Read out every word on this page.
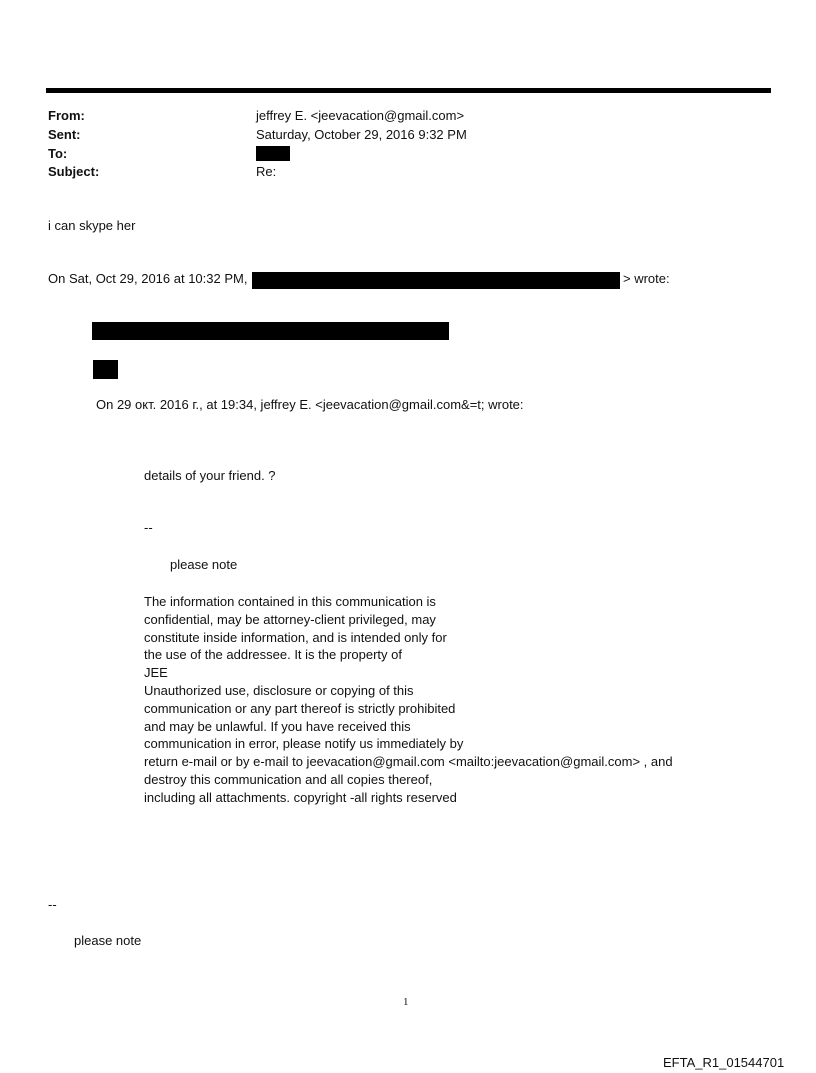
From:	jeffrey E. <jeevacation@gmail.com>
Sent:	Saturday, October 29, 2016 9:32 PM
To:
Subject:	Re:
i can skype her
On Sat, Oct 29, 2016 at 10:32 PM,	> wrote:
On 29 окт. 2016 г., at 19:34, jeffrey E. <jeevacation@gmail.com&=t; wrote:
details of your friend. ?
--
please note
The information contained in this communication is
confidential, may be attorney-client privileged, may
constitute inside information, and is intended only for
the use of the addressee. It is the property of
JEE
Unauthorized use, disclosure or copying of this
communication or any part thereof is strictly prohibited
and may be unlawful. If you have received this
communication in error, please notify us immediately by
return e-mail or by e-mail to jeevacation@gmail.com <mailto:jeevacation@gmail.com> , and
destroy this communication and all copies thereof,
including all attachments. copyright -all rights reserved
--
please note
1
EFTA_R1_01544701
